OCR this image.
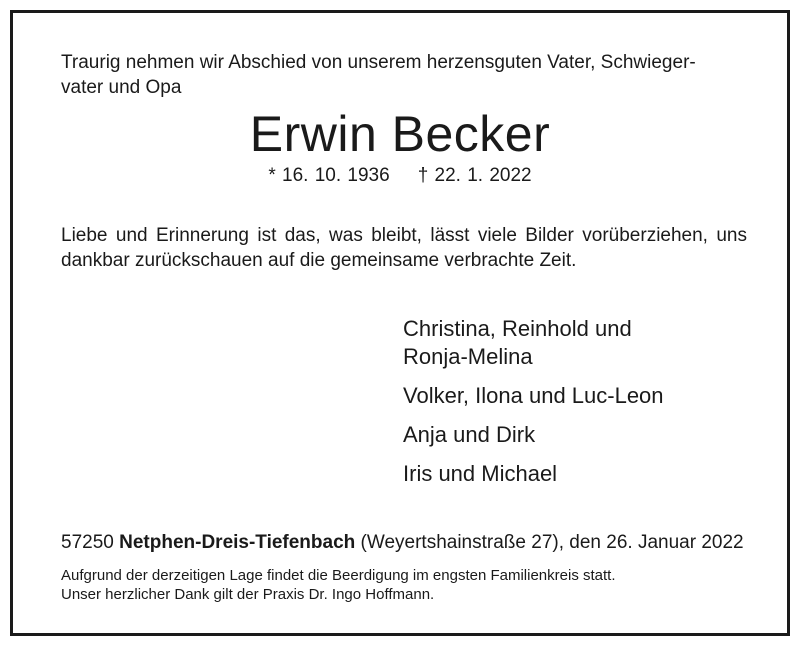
Traurig nehmen wir Abschied von unserem herzensguten Vater, Schwieger-
vater und Opa
Erwin Becker
* 16. 10. 1936 † 22. 1. 2022
Liebe und Erinnerung ist das, was bleibt, lässt viele Bilder vorüberziehen, uns dankbar zurückschauen auf die gemeinsame verbrachte Zeit.
Christina, Reinhold und
Ronja-Melina
Volker, Ilona und Luc-Leon
Anja und Dirk
Iris und Michael
57250 Netphen-Dreis-Tiefenbach (Weyertshainstraße 27), den 26. Januar 2022
Aufgrund der derzeitigen Lage findet die Beerdigung im engsten Familienkreis statt.
Unser herzlicher Dank gilt der Praxis Dr. Ingo Hoffmann.
